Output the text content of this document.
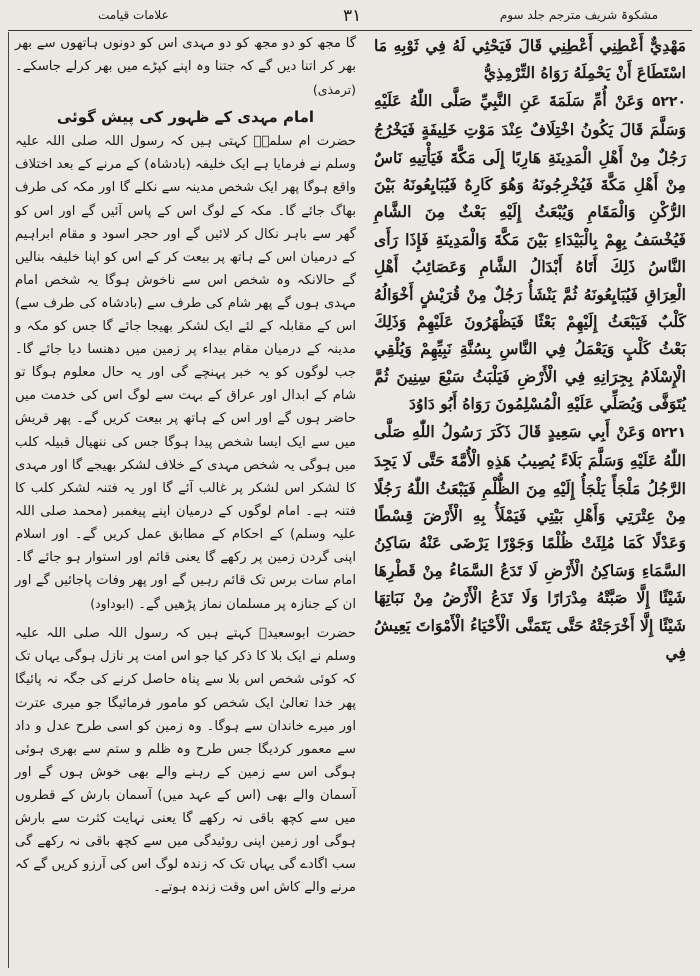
مشکوۃ شریف مترجم جلد سوم
۳۱
علامات قیامت

گا مجھ کو دو مجھ کو دو مہدی اس کو دونوں ہاتھوں سے بھر بھر کر اتنا دیں گے کہ جتنا وہ اپنے کپڑے میں بھر کرلے جاسکے۔ (ترمذی)

امام مہدی کے ظہور کی پیش گوئی

حضرت ام سلمہؓ کہتی ہیں کہ رسول اللہ صلی اللہ علیہ وسلم نے فرمایا ہے ایک خلیفہ (بادشاہ) کے مرنے کے بعد اختلاف واقع ہوگا پھر ایک شخص مدینہ سے نکلے گا اور مکہ کی طرف بھاگ جائے گا۔ مکہ کے لوگ اس کے پاس آئیں گے اور اس کو گھر سے باہر نکال کر لائیں گے اور حجر اسود و مقام ابراہیم کے درمیان اس کے ہاتھ پر بیعت کر کے اس کو اپنا خلیفہ بنالیں گے حالانکہ وہ شخص اس سے ناخوش ہوگا یہ شخص امام مہدی ہوں گے پھر شام کی طرف سے (بادشاہ کی طرف سے) اس کے مقابلہ کے لئے ایک لشکر بھیجا جائے گا جس کو مکہ و مدینہ کے درمیان مقام بیداء پر زمین میں دھنسا دیا جائے گا۔ جب لوگوں کو یہ خبر پہنچے گی اور یہ حال معلوم ہوگا تو شام کے ابدال اور عراق کے بہت سے لوگ اس کی خدمت میں حاضر ہوں گے اور اس کے ہاتھ پر بیعت کریں گے۔ پھر قریش میں سے ایک ایسا شخص پیدا ہوگا جس کی ننھیال قبیلہ کلب میں ہوگی یہ شخص مہدی کے خلاف لشکر بھیجے گا اور مہدی کا لشکر اس لشکر پر غالب آئے گا اور یہ فتنہ لشکر کلب کا فتنہ ہے۔ امام لوگوں کے درمیان اپنے پیغمبر (محمد صلی اللہ علیہ وسلم) کے احکام کے مطابق عمل کریں گے۔ اور اسلام اپنی گردن زمین پر رکھے گا یعنی قائم اور استوار ہو جائے گا۔ امام سات برس تک قائم رہیں گے اور پھر وفات پاجائیں گے اور ان کے جنازہ پر مسلمان نماز پڑھیں گے۔ (ابوداود)

حضرت ابوسعیدؓ کہتے ہیں کہ رسول اللہ صلی اللہ علیہ وسلم نے ایک بلا کا ذکر کیا جو اس امت پر نازل ہوگی یہاں تک کہ کوئی شخص اس بلا سے پناہ حاصل کرنے کی جگہ نہ پائیگا پھر خدا تعالیٰ ایک شخص کو مامور فرمائیگا جو میری عترت اور میرے خاندان سے ہوگا۔ وہ زمین کو اسی طرح عدل و داد سے معمور کردیگا جس طرح وہ ظلم و ستم سے بھری ہوئی ہوگی اس سے زمین کے رہنے والے بھی خوش ہوں گے اور آسمان والے بھی (اس کے عہد میں) آسمان بارش کے قطروں میں سے کچھ باقی نہ رکھے گا یعنی نہایت کثرت سے بارش ہوگی اور زمین اپنی روئیدگی میں سے کچھ باقی نہ رکھے گی سب اگادے گی یہاں تک کہ زندہ لوگ اس کی آرزو کریں گے کہ مرنے والے کاش اس وقت زندہ ہوتے۔

مَهْدِيٌّ أَعْطِنِي أَعْطِنِي قَالَ فَيَحْثِي لَهُ فِي ثَوْبِهِ مَا اسْتَطَاعَ أَنْ يَحْمِلَهُ رَوَاهُ التِّرْمِذِيُّ

۵۲۲۰ وَعَنْ أُمِّ سَلَمَةَ عَنِ النَّبِيِّ صَلَّى اللّٰهُ عَلَيْهِ وَسَلَّمَ قَالَ يَكُونُ اخْتِلَافٌ عِنْدَ مَوْتِ خَلِيفَةٍ فَيَخْرُجُ رَجُلٌ مِنْ أَهْلِ الْمَدِينَةِ هَارِبًا إِلَى مَكَّةَ فَيَأْتِيهِ نَاسٌ مِنْ أَهْلِ مَكَّةَ فَيُخْرِجُونَهُ وَهُوَ كَارِهٌ فَيُبَايِعُونَهُ بَيْنَ الرُّكْنِ وَالْمَقَامِ وَيُبْعَثُ إِلَيْهِ بَعْثٌ مِنَ الشَّامِ فَيُخْسَفُ بِهِمْ بِالْبَيْدَاءِ بَيْنَ مَكَّةَ وَالْمَدِينَةِ فَإِذَا رَأَى النَّاسُ ذَلِكَ أَتَاهُ أَبْدَالُ الشَّامِ وَعَصَائِبُ أَهْلِ الْعِرَاقِ فَيُبَايِعُونَهُ ثُمَّ يَنْشَأُ رَجُلٌ مِنْ قُرَيْشٍ أَخْوَالُهُ كَلْبٌ فَيَبْعَثُ إِلَيْهِمْ بَعْثًا فَيَظْهَرُونَ عَلَيْهِمْ وَذَلِكَ بَعْثُ كَلْبٍ وَيَعْمَلُ فِي النَّاسِ بِسُنَّةِ نَبِيِّهِمْ وَيُلْقِي الْإِسْلَامُ بِجِرَانِهِ فِي الْأَرْضِ فَيَلْبَثُ سَبْعَ سِنِينَ ثُمَّ يُتَوَفَّى وَيُصَلِّي عَلَيْهِ الْمُسْلِمُونَ رَوَاهُ أَبُو دَاوُدَ

۵۲۲۱ وَعَنْ أَبِي سَعِيدٍ قَالَ ذَكَرَ رَسُولُ اللّٰهِ صَلَّى اللّٰهُ عَلَيْهِ وَسَلَّمَ بَلَاءً يُصِيبُ هَذِهِ الْأُمَّةَ حَتَّى لَا يَجِدَ الرَّجُلُ مَلْجَأً يَلْجَأُ إِلَيْهِ مِنَ الظُّلْمِ فَيَبْعَثُ اللّٰهُ رَجُلًا مِنْ عِتْرَتِي وَأَهْلِ بَيْتِي فَيَمْلَأُ بِهِ الْأَرْضَ قِسْطًا وَعَدْلًا كَمَا مُلِئَتْ ظُلْمًا وَجَوْرًا يَرْضَى عَنْهُ سَاكِنُ السَّمَاءِ وَسَاكِنُ الْأَرْضِ لَا تَدَعُ السَّمَاءُ مِنْ قَطْرِهَا شَيْئًا إِلَّا صَبَّتْهُ مِدْرَارًا وَلَا تَدَعُ الْأَرْضُ مِنْ نَبَاتِهَا شَيْئًا إِلَّا أَخْرَجَتْهُ حَتَّى يَتَمَنَّى الْأَحْيَاءُ الْأَمْوَاتَ يَعِيشُ فِي
